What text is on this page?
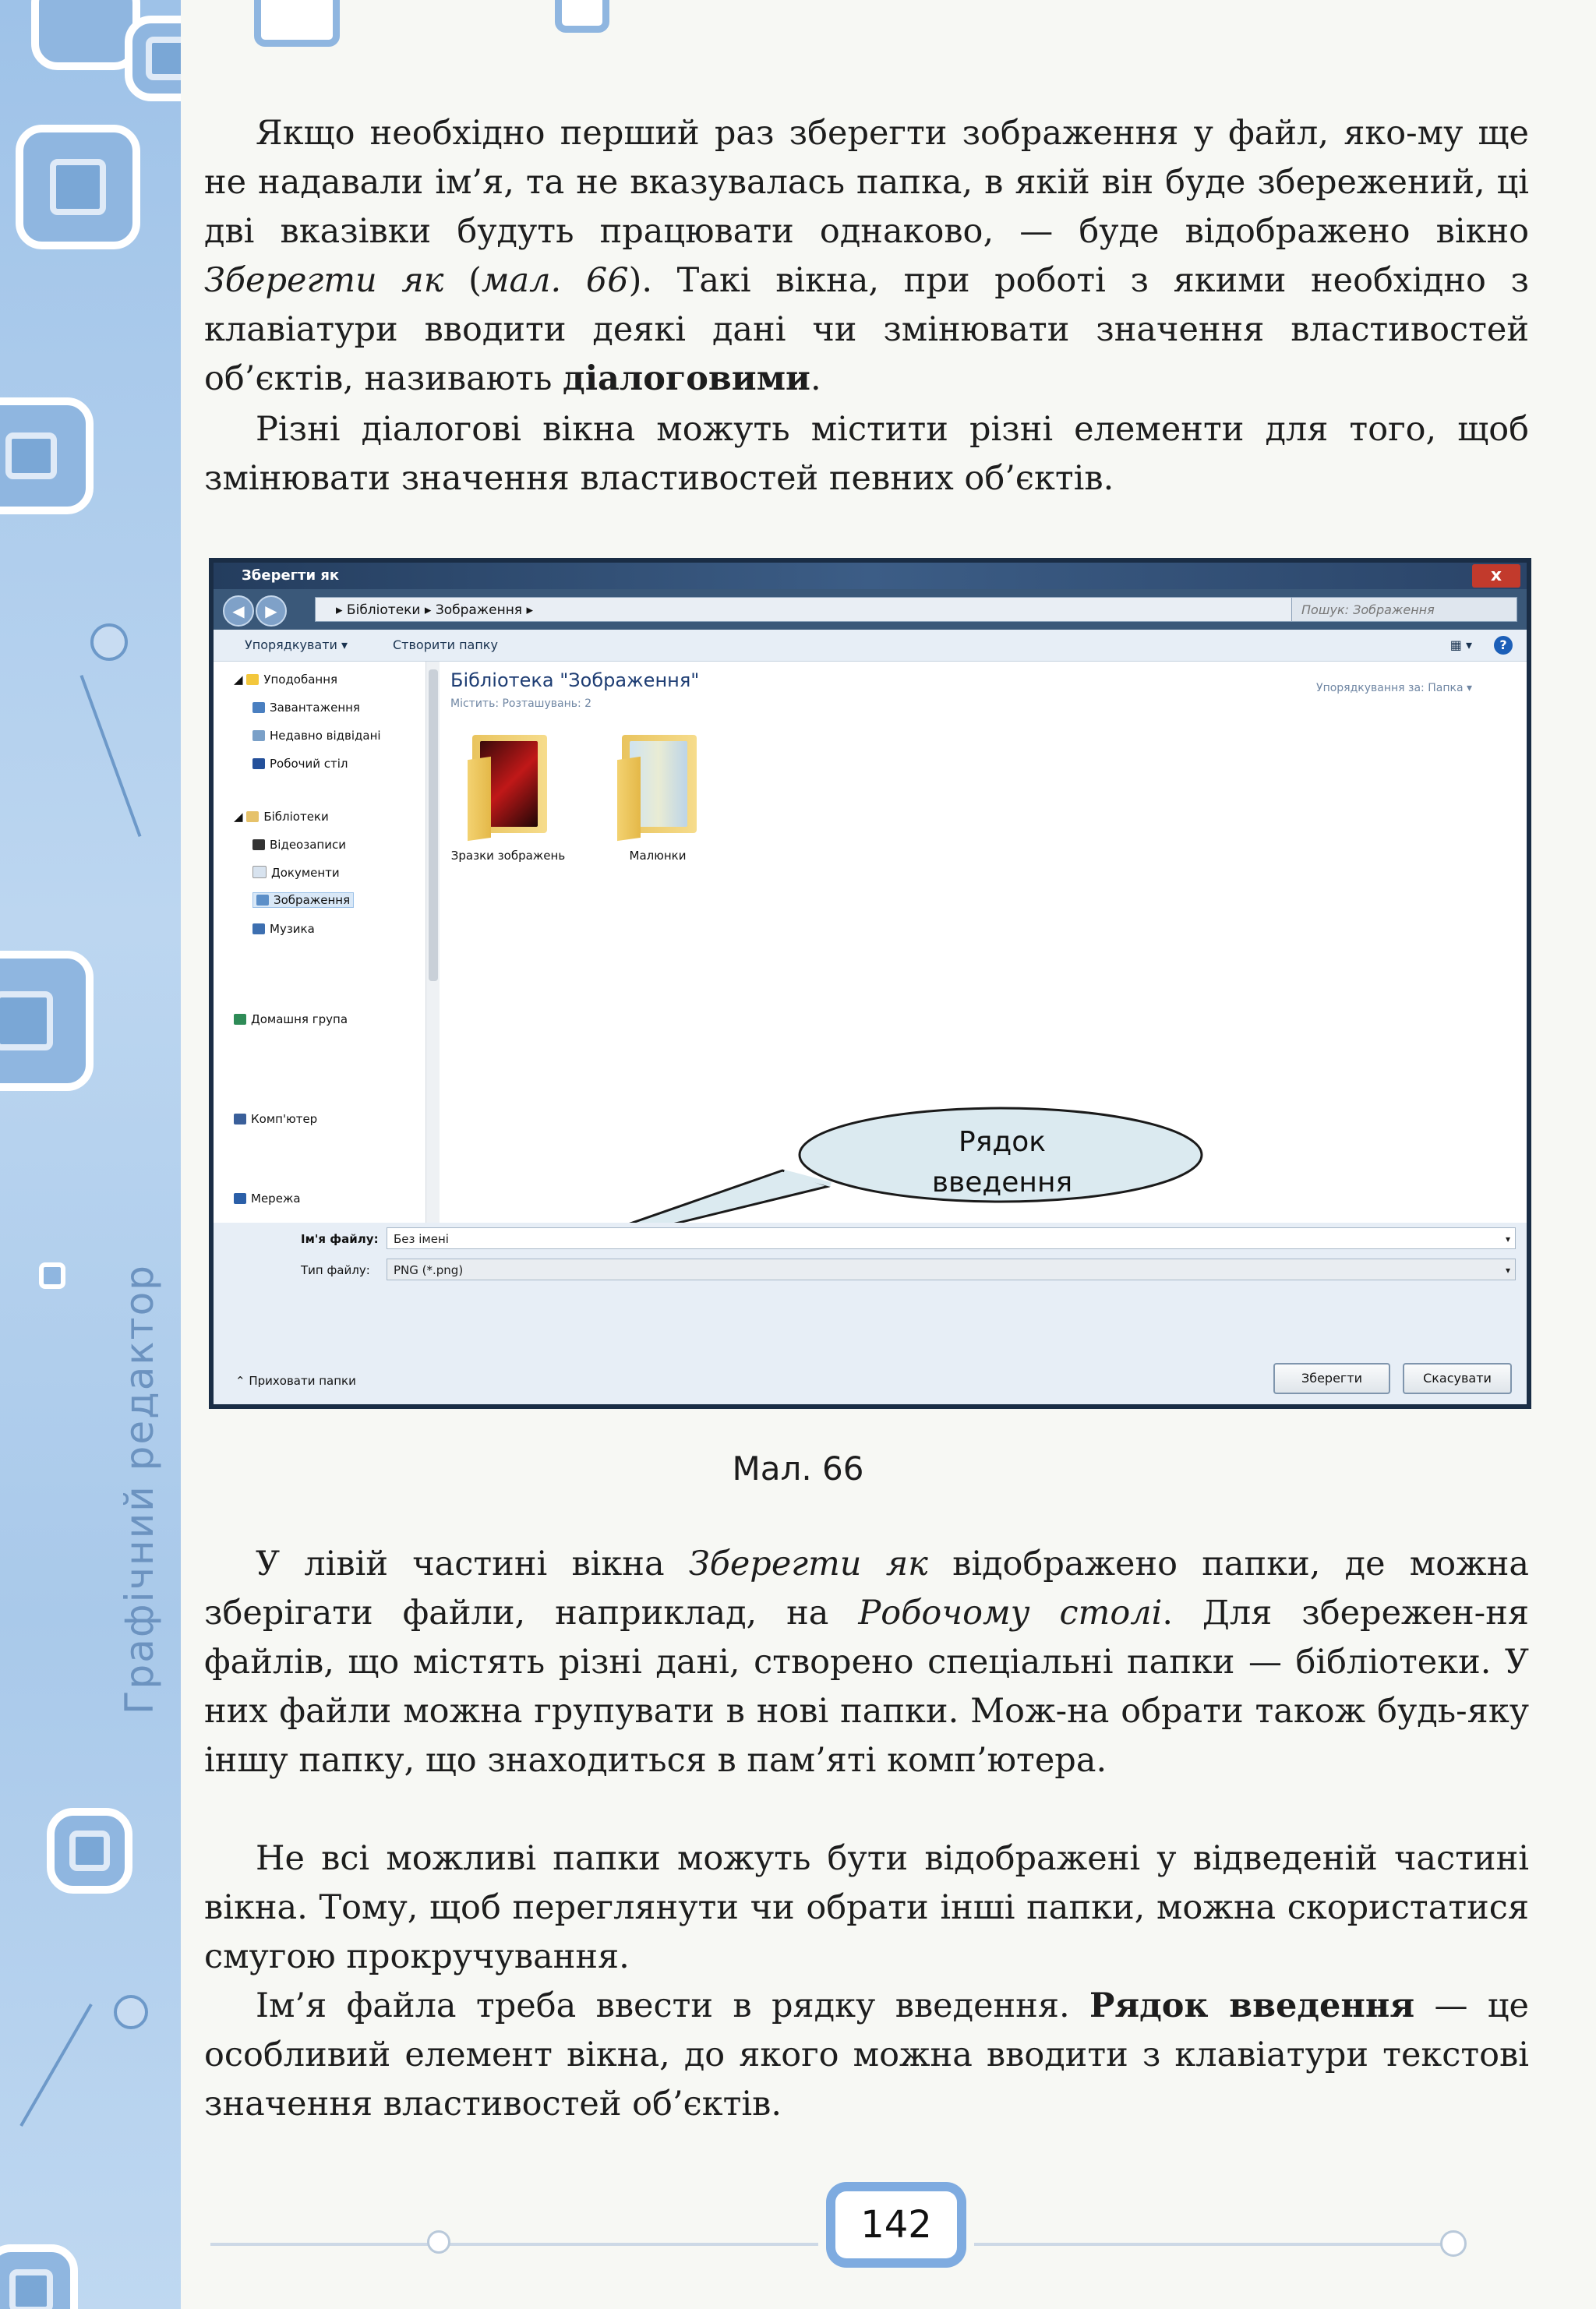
Графічний редактор

Якщо необхідно перший раз зберегти зображення у файл, яко-му ще не надавали ім’я, та не вказувалась папка, в якій він буде збережений, ці дві вказівки будуть працювати однаково, — буде відображено вікно Зберегти як (мал. 66). Такі вікна, при роботі з якими необхідно з клавіатури вводити деякі дані чи змінювати значення властивостей об’єктів, називають діалоговими.

Різні діалогові вікна можуть містити різні елементи для того, щоб змінювати значення властивостей певних об’єктів.

Зберегти як	x
◀	▶	▸ Бібліотеки ▸ Зображення ▸	Пошук: Зображення
Упорядкувати ▾	Створити папку	▦ ▾	?
◢ Уподобання
Завантаження
Недавно відвідані
Робочий стіл
◢ Бібліотеки
Відеозаписи
Документи
Зображення
Музика
Домашня група
Комп'ютер
Мережа
Бібліотека "Зображення"
Містить: Розташувань: 2
Упорядкування за: Папка ▾
Зразки зображень	Малюнки
Рядок введення
Ім'я файлу:	Без імені	▾
Тип файлу:	PNG (*.png)	▾
⌃ Приховати папки	Зберегти	Скасувати
Мал. 66

У лівій частині вікна Зберегти як відображено папки, де можна зберігати файли, наприклад, на Робочому столі. Для збережен-ня файлів, що містять різні дані, створено спеціальні папки — бібліотеки. У них файли можна групувати в нові папки. Мож-на обрати також будь-яку іншу папку, що знаходиться в пам’яті комп’ютера.

Не всі можливі папки можуть бути відображені у відведеній частині вікна. Тому, щоб переглянути чи обрати інші папки, можна скористатися смугою прокручування.

Ім’я файла треба ввести в рядку введення. Рядок введення — це особливий елемент вікна, до якого можна вводити з клавіатури текстові значення властивостей об’єктів.

142
